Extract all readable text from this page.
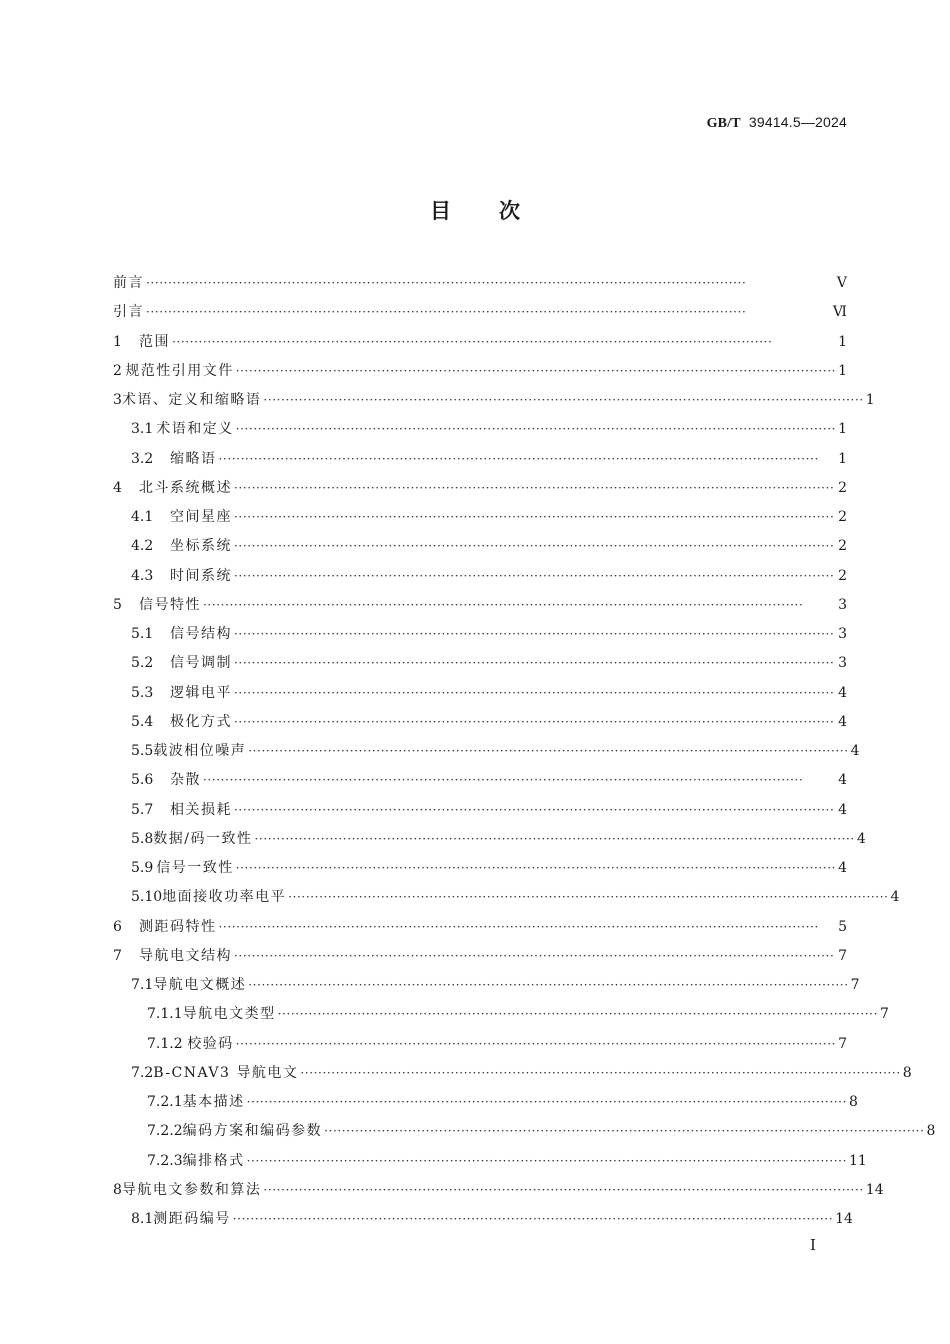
GB/T 39414.5—2024
目次
前言 ········································································································································	Ⅴ
引言 ········································································································································	Ⅵ
1	范围 ········································································································································	1
2 规范性引用文件 ········································································································································ 1
3 术语、定义和缩略语 ········································································································································ 1
3.1 术语和定义 ········································································································································ 1
3.2	缩略语 ········································································································································	1
4	北斗系统概述 ········································································································································ 2
4.1	空间星座 ········································································································································ 2
4.2	坐标系统 ········································································································································ 2
4.3	时间系统 ········································································································································ 2
5	信号特性 ········································································································································	3
5.1	信号结构 ········································································································································ 3
5.2	信号调制 ········································································································································ 3
5.3	逻辑电平 ········································································································································ 4
5.4	极化方式 ········································································································································ 4
5.5 载波相位噪声 ········································································································································ 4
5.6	杂散 ········································································································································	4
5.7	相关损耗 ········································································································································ 4
5.8 数据/码一致性 ········································································································································ 4
5.9 信号一致性 ········································································································································ 4
5.10 地面接收功率电平 ········································································································································ 4
6	测距码特性 ········································································································································	5
7	导航电文结构 ········································································································································ 7
7.1 导航电文概述 ········································································································································ 7
7.1.1 导航电文类型 ········································································································································ 7
7.1.2 校验码 ········································································································································ 7
7.2 B-CNAV3 导航电文 ········································································································································ 8
7.2.1 基本描述 ········································································································································ 8
7.2.2 编码方案和编码参数 ········································································································································ 8
7.2.3 编排格式 ········································································································································ 11
8 导航电文参数和算法 ········································································································································ 14
8.1 测距码编号 ········································································································································ 14
Ⅰ
